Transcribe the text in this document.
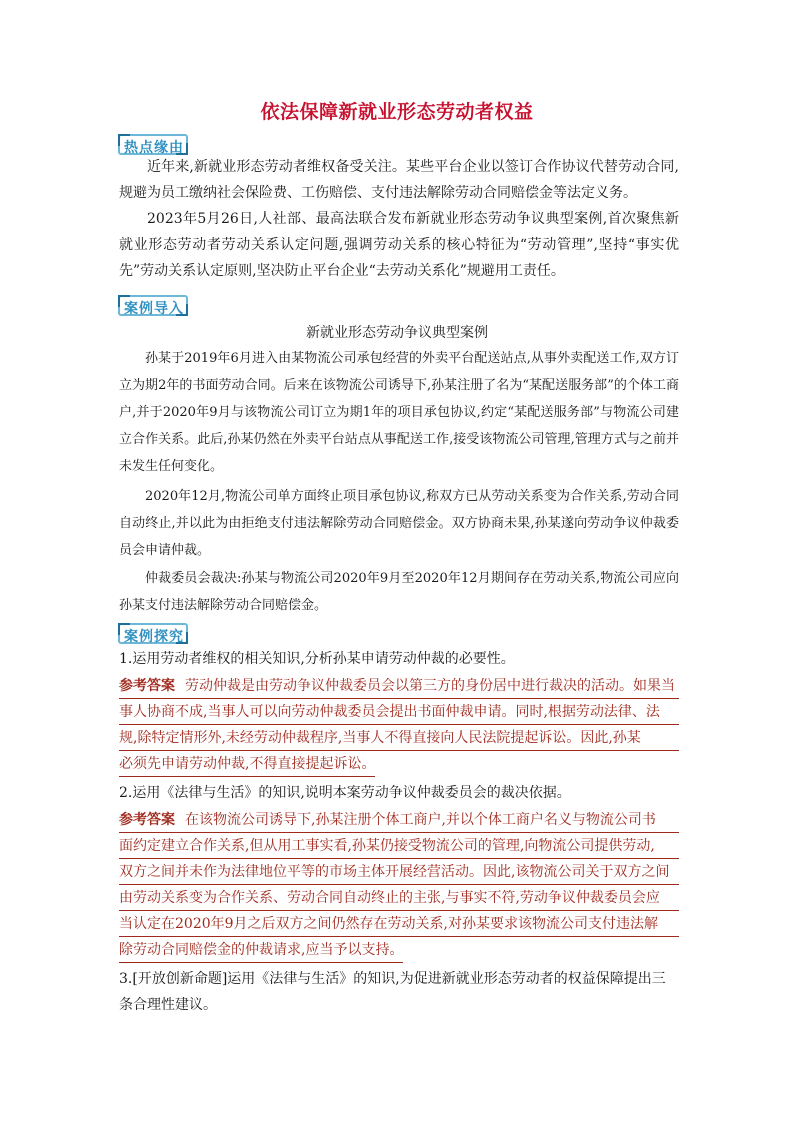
依法保障新就业形态劳动者权益
热点缘由
近年来,新就业形态劳动者维权备受关注。某些平台企业以签订合作协议代替劳动合同,规避为员工缴纳社会保险费、工伤赔偿、支付违法解除劳动合同赔偿金等法定义务。
2023年5月26日,人社部、最高法联合发布新就业形态劳动争议典型案例,首次聚焦新就业形态劳动者劳动关系认定问题,强调劳动关系的核心特征为“劳动管理”,坚持“事实优先”劳动关系认定原则,坚决防止平台企业“去劳动关系化”规避用工责任。
案例导入
新就业形态劳动争议典型案例
孙某于2019年6月进入由某物流公司承包经营的外卖平台配送站点,从事外卖配送工作,双方订立为期2年的书面劳动合同。后来在该物流公司诱导下,孙某注册了名为“某配送服务部”的个体工商户,并于2020年9月与该物流公司订立为期1年的项目承包协议,约定“某配送服务部”与物流公司建立合作关系。此后,孙某仍然在外卖平台站点从事配送工作,接受该物流公司管理,管理方式与之前并未发生任何变化。
2020年12月,物流公司单方面终止项目承包协议,称双方已从劳动关系变为合作关系,劳动合同自动终止,并以此为由拒绝支付违法解除劳动合同赔偿金。双方协商未果,孙某遂向劳动争议仲裁委员会申请仲裁。
仲裁委员会裁决:孙某与物流公司2020年9月至2020年12月期间存在劳动关系,物流公司应向孙某支付违法解除劳动合同赔偿金。
案例探究
1.运用劳动者维权的相关知识,分析孙某申请劳动仲裁的必要性。
参考答案 劳动仲裁是由劳动争议仲裁委员会以第三方的身份居中进行裁决的活动。如果当
事人协商不成,当事人可以向劳动仲裁委员会提出书面仲裁申请。同时,根据劳动法律、法
规,除特定情形外,未经劳动仲裁程序,当事人不得直接向人民法院提起诉讼。因此,孙某
必须先申请劳动仲裁,不得直接提起诉讼。
2.运用《法律与生活》的知识,说明本案劳动争议仲裁委员会的裁决依据。
参考答案 在该物流公司诱导下,孙某注册个体工商户,并以个体工商户名义与物流公司书
面约定建立合作关系,但从用工事实看,孙某仍接受物流公司的管理,向物流公司提供劳动,
双方之间并未作为法律地位平等的市场主体开展经营活动。因此,该物流公司关于双方之间
由劳动关系变为合作关系、劳动合同自动终止的主张,与事实不符,劳动争议仲裁委员会应
当认定在2020年9月之后双方之间仍然存在劳动关系,对孙某要求该物流公司支付违法解
除劳动合同赔偿金的仲裁请求,应当予以支持。
3.[开放创新命题]运用《法律与生活》的知识,为促进新就业形态劳动者的权益保障提出三条合理性建议。
